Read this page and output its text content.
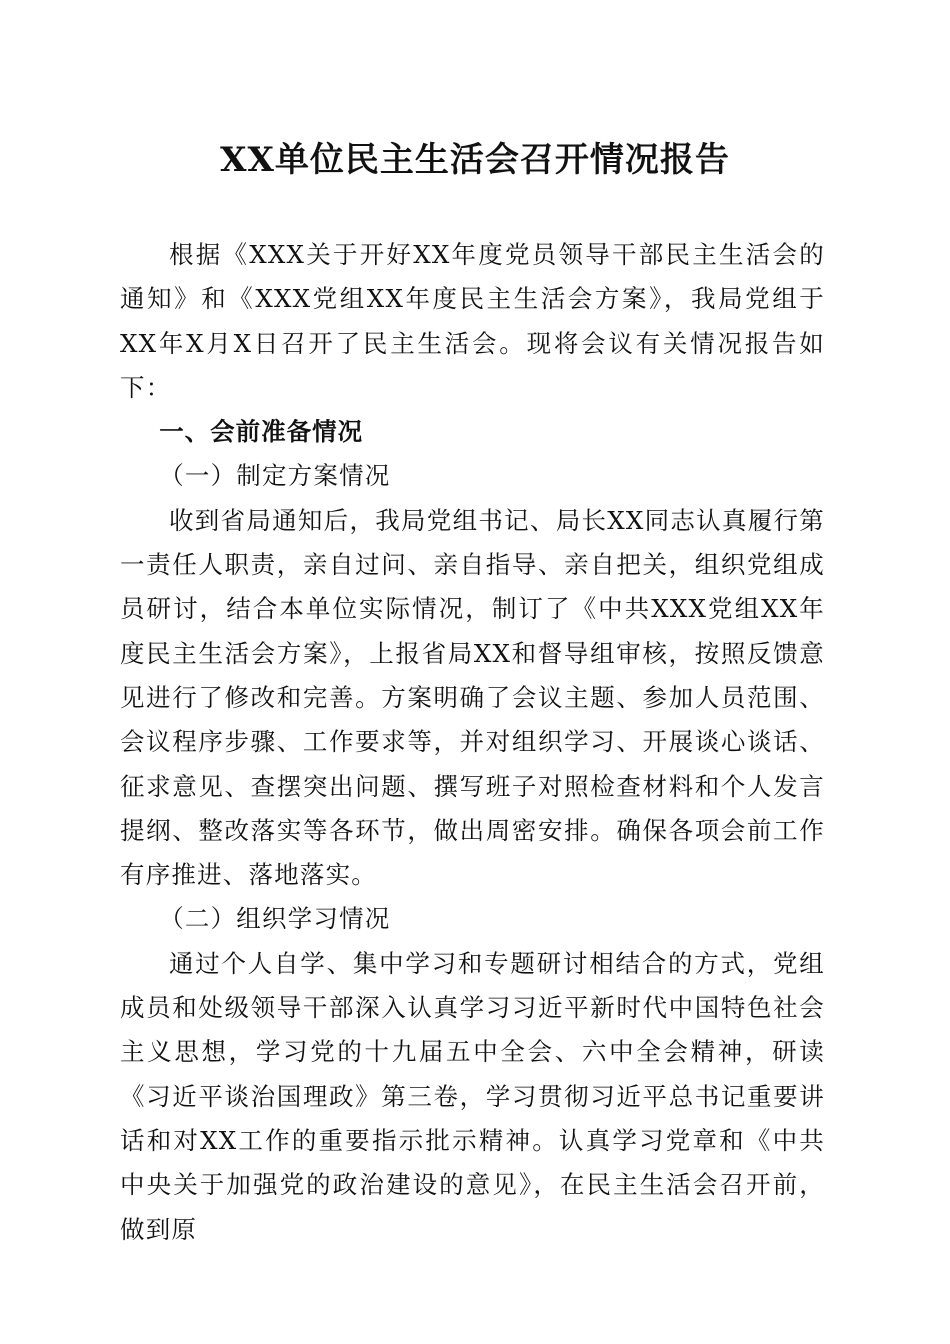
XX单位民主生活会召开情况报告

根据《XXX关于开好XX年度党员领导干部民主生活会的通知》和《XXX党组XX年度民主生活会方案》，我局党组于XX年X月X日召开了民主生活会。现将会议有关情况报告如下：

一、会前准备情况

（一）制定方案情况

收到省局通知后，我局党组书记、局长XX同志认真履行第一责任人职责，亲自过问、亲自指导、亲自把关，组织党组成员研讨，结合本单位实际情况，制订了《中共XXX党组XX年度民主生活会方案》，上报省局XX和督导组审核，按照反馈意见进行了修改和完善。方案明确了会议主题、参加人员范围、会议程序步骤、工作要求等，并对组织学习、开展谈心谈话、征求意见、查摆突出问题、撰写班子对照检查材料和个人发言提纲、整改落实等各环节，做出周密安排。确保各项会前工作有序推进、落地落实。

（二）组织学习情况

通过个人自学、集中学习和专题研讨相结合的方式，党组成员和处级领导干部深入认真学习习近平新时代中国特色社会主义思想，学习党的十九届五中全会、六中全会精神，研读《习近平谈治国理政》第三卷，学习贯彻习近平总书记重要讲话和对XX工作的重要指示批示精神。认真学习党章和《中共中央关于加强党的政治建设的意见》，在民主生活会召开前，做到原
